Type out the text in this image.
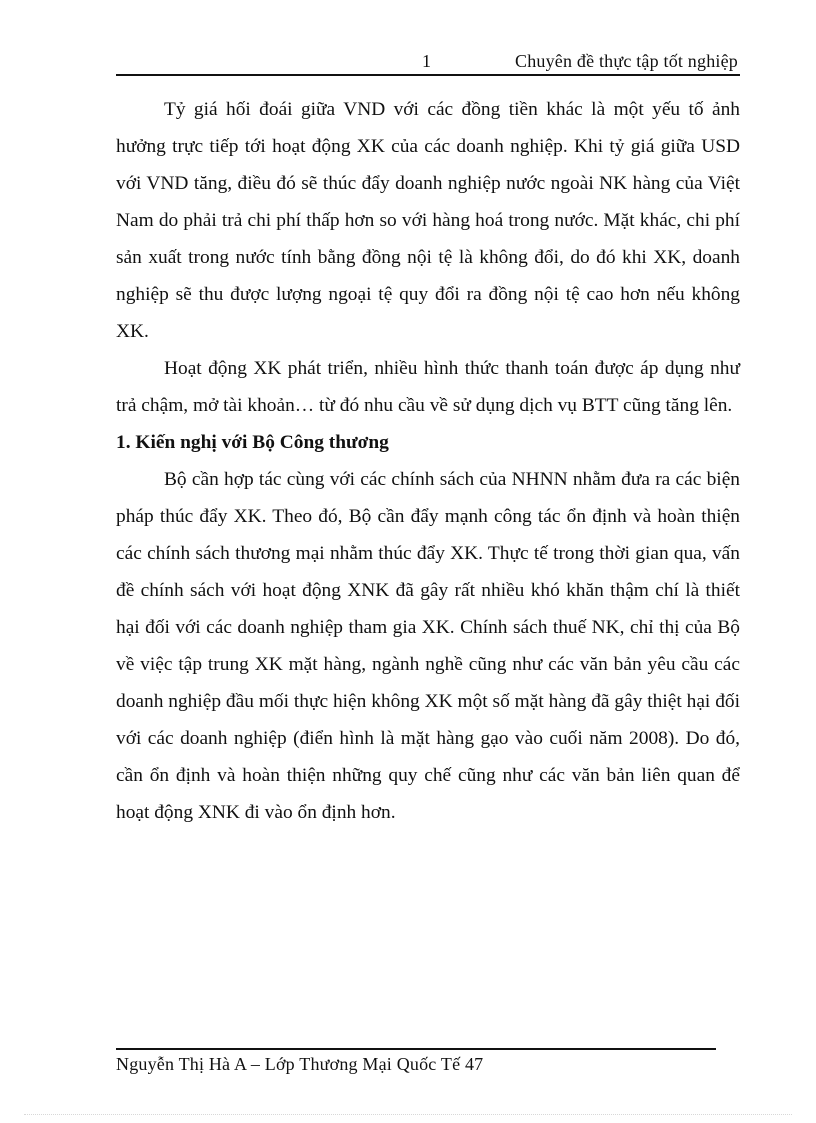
1	Chuyên đề thực tập tốt nghiệp

Tỷ giá hối đoái giữa VND với các đồng tiền khác là một yếu tố ảnh hưởng trực tiếp tới hoạt động XK của các doanh nghiệp. Khi tỷ giá giữa USD với VND tăng, điều đó sẽ thúc đẩy doanh nghiệp nước ngoài NK hàng của Việt Nam do phải trả chi phí thấp hơn so với hàng hoá trong nước. Mặt khác, chi phí sản xuất trong nước tính bằng đồng nội tệ là không đổi, do đó khi XK, doanh nghiệp sẽ thu được lượng ngoại tệ quy đổi ra đồng nội tệ cao hơn nếu không XK.

Hoạt động XK phát triển, nhiều hình thức thanh toán được áp dụng như trả chậm, mở tài khoản… từ đó nhu cầu về sử dụng dịch vụ BTT cũng tăng lên.

1. Kiến nghị với Bộ Công thương

Bộ cần hợp tác cùng với các chính sách của NHNN nhằm đưa ra các biện pháp thúc đẩy XK. Theo đó, Bộ cần đẩy mạnh công tác ổn định và hoàn thiện các chính sách thương mại nhằm thúc đẩy XK. Thực tế trong thời gian qua, vấn đề chính sách với hoạt động XNK đã gây rất nhiều khó khăn thậm chí là thiết hại đối với các doanh nghiệp tham gia XK. Chính sách thuế NK, chỉ thị của Bộ về việc tập trung XK mặt hàng, ngành nghề cũng như các văn bản yêu cầu các doanh nghiệp đầu mối thực hiện không XK một số mặt hàng đã gây thiệt hại đối với các doanh nghiệp (điển hình là mặt hàng gạo vào cuối năm 2008). Do đó, cần ổn định và hoàn thiện những quy chế cũng như các văn bản liên quan để hoạt động XNK đi vào ổn định hơn.

Nguyễn Thị Hà A – Lớp Thương Mại Quốc Tế 47
